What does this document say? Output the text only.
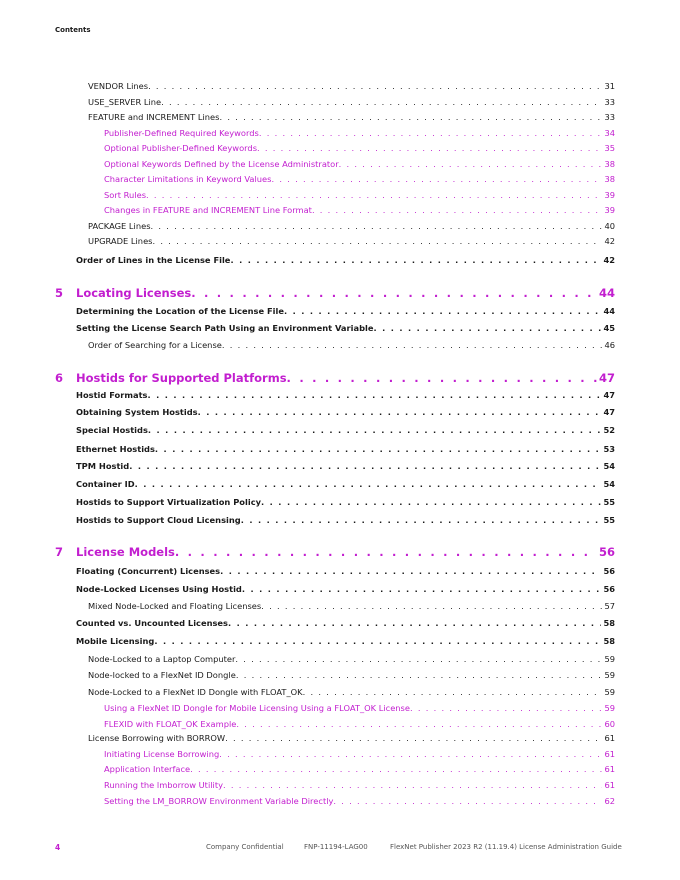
Contents
VENDOR Lines . . .	31
USE_SERVER Line . . .	33
FEATURE and INCREMENT Lines . . .	33
Publisher-Defined Required Keywords . . .	34
Optional Publisher-Defined Keywords . . .	35
Optional Keywords Defined by the License Administrator . . .	38
Character Limitations in Keyword Values . . .	38
Sort Rules . . .	39
Changes in FEATURE and INCREMENT Line Format . . .	39
PACKAGE Lines . . .	40
UPGRADE Lines . . .	42
Order of Lines in the License File . . .	42
5	Locating Licenses . . .	44
Determining the Location of the License File . . .	44
Setting the License Search Path Using an Environment Variable . . .	45
Order of Searching for a License . . .	46
6	Hostids for Supported Platforms . . .	47
Hostid Formats . . .	47
Obtaining System Hostids . . .	47
Special Hostids . . .	52
Ethernet Hostids . . .	53
TPM Hostid . . .	54
Container ID . . .	54
Hostids to Support Virtualization Policy . . .	55
Hostids to Support Cloud Licensing . . .	55
7	License Models . . .	56
Floating (Concurrent) Licenses . . .	56
Node-Locked Licenses Using Hostid . . .	56
Mixed Node-Locked and Floating Licenses . . .	57
Counted vs. Uncounted Licenses . . .	58
Mobile Licensing . . .	58
Node-Locked to a Laptop Computer . . .	59
Node-locked to a FlexNet ID Dongle . . .	59
Node-Locked to a FlexNet ID Dongle with FLOAT_OK . . .	59
Using a FlexNet ID Dongle for Mobile Licensing Using a FLOAT_OK License . . .	59
FLEXID with FLOAT_OK Example . . .	60
License Borrowing with BORROW . . .	61
Initiating License Borrowing . . .	61
Application Interface . . .	61
Running the lmborrow Utility . . .	61
Setting the LM_BORROW Environment Variable Directly . . .	62
4	Company Confidential	FNP-11194-LAG00	FlexNet Publisher 2023 R2 (11.19.4) License Administration Guide
